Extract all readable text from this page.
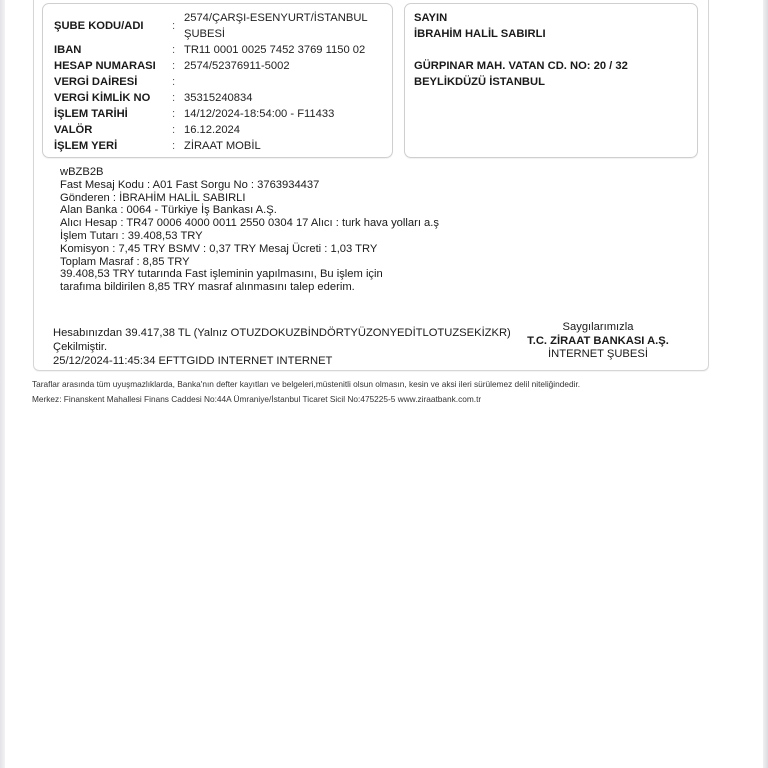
ŞUBE KODU/ADI	:
2574/ÇARŞI-ESENYURT/İSTANBUL
ŞUBESİ
IBAN	: TR11 0001 0025 7452 3769 1150 02
HESAP NUMARASI	: 2574/52376911-5002
VERGİ DAİRESİ	:
VERGİ KİMLİK NO	: 35315240834
İŞLEM TARİHİ	: 14/12/2024-18:54:00 - F11433
VALÖR	: 16.12.2024
İŞLEM YERİ	: ZİRAAT MOBİL
SAYIN
İBRAHİM HALİL SABIRLI
GÜRPINAR MAH. VATAN CD. NO: 20 / 32
BEYLİKDÜZÜ İSTANBUL
wBZB2B
Fast Mesaj Kodu : A01 Fast Sorgu No : 3763934437
Gönderen : İBRAHİM HALİL SABIRLI
Alan Banka : 0064 - Türkiye İş Bankası A.Ş.
Alıcı Hesap : TR47 0006 4000 0011 2550 0304 17 Alıcı : turk hava yolları a.ş
İşlem Tutarı : 39.408,53 TRY
Komisyon : 7,45 TRY BSMV : 0,37 TRY Mesaj Ücreti : 1,03 TRY
Toplam Masraf : 8,85 TRY
39.408,53 TRY tutarında Fast işleminin yapılmasını, Bu işlem için
tarafıma bildirilen 8,85 TRY masraf alınmasını talep ederim.
Hesabınızdan 39.417,38 TL (Yalnız OTUZDOKUZBİNDÖRTYÜZONYEDİTLOTUZSEKİZKR)
Çekilmiştir.
25/12/2024-11:45:34 EFTTGIDD INTERNET INTERNET
Saygılarımızla
T.C. ZİRAAT BANKASI A.Ş.
İNTERNET ŞUBESİ
Taraflar arasında tüm uyuşmazlıklarda, Banka'nın defter kayıtları ve belgeleri,müstenitli olsun olmasın, kesin ve aksi ileri sürülemez delil niteliğindedir.
Merkez: Finanskent Mahallesi Finans Caddesi No:44A Ümraniye/İstanbul Ticaret Sicil No:475225-5 www.ziraatbank.com.tr
